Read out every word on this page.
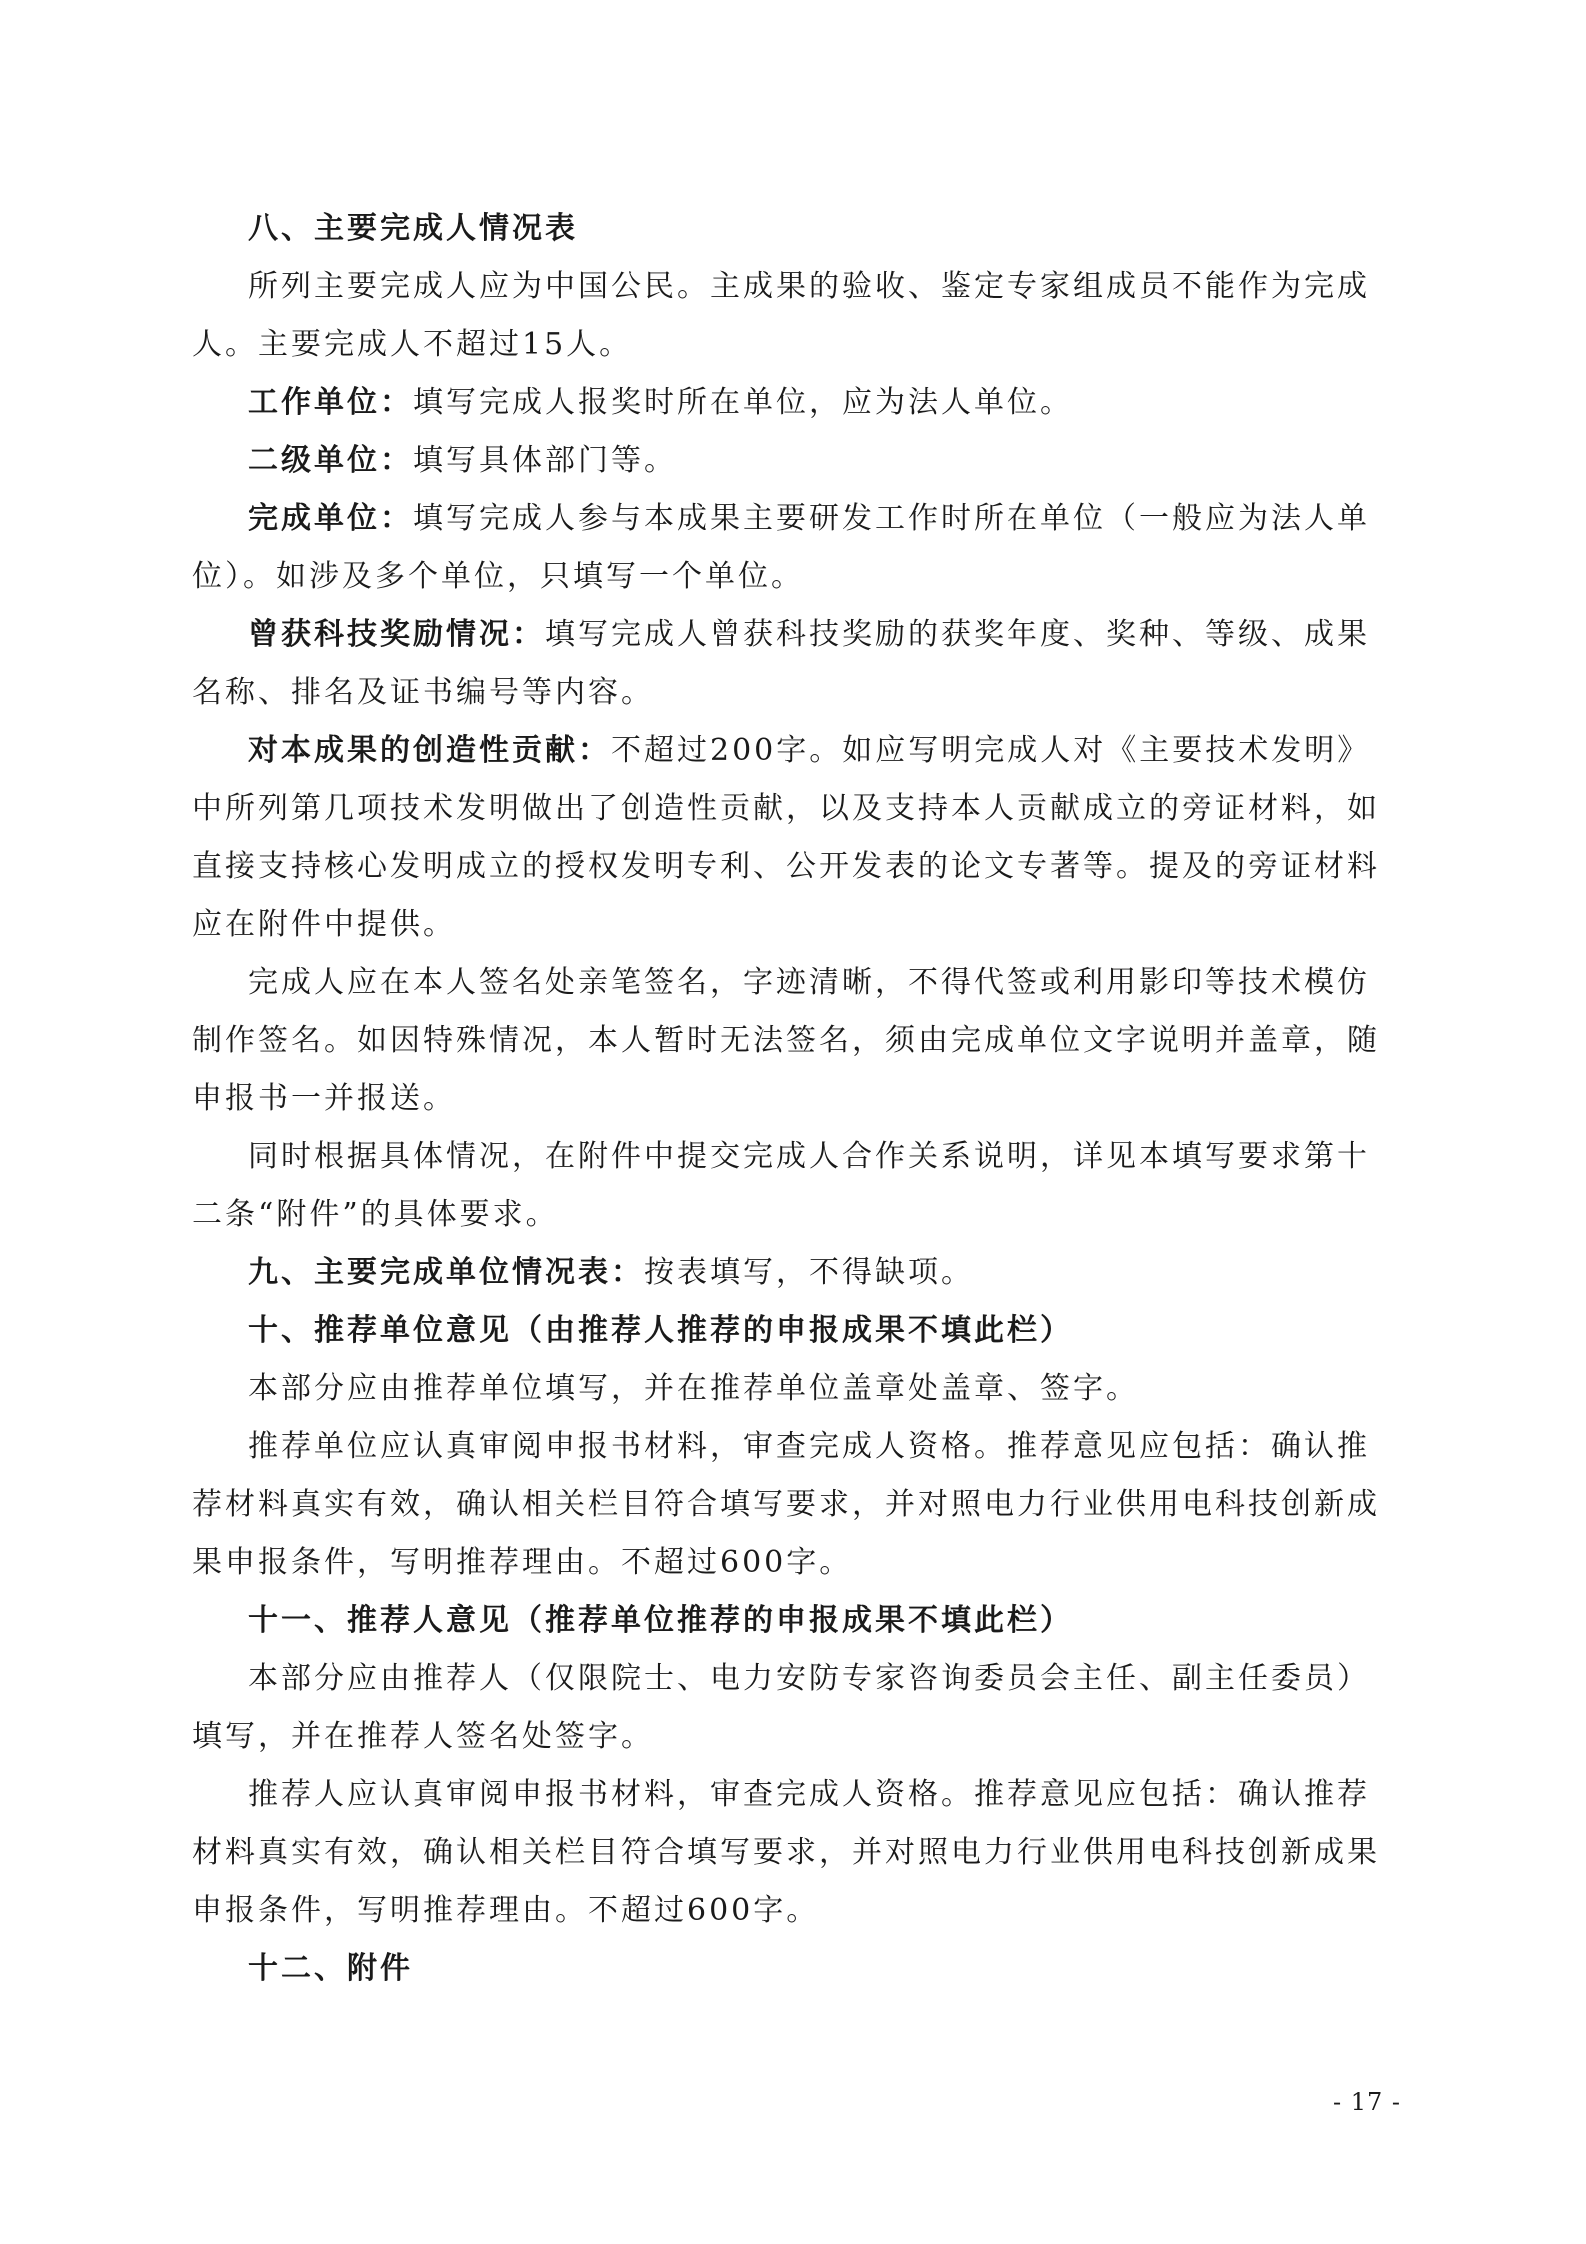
八、主要完成人情况表

所列主要完成人应为中国公民。主成果的验收、鉴定专家组成员不能作为完成人。主要完成人不超过15人。

工作单位：填写完成人报奖时所在单位，应为法人单位。

二级单位：填写具体部门等。

完成单位：填写完成人参与本成果主要研发工作时所在单位（一般应为法人单位）。如涉及多个单位，只填写一个单位。

曾获科技奖励情况：填写完成人曾获科技奖励的获奖年度、奖种、等级、成果名称、排名及证书编号等内容。

对本成果的创造性贡献：不超过200字。如应写明完成人对《主要技术发明》中所列第几项技术发明做出了创造性贡献，以及支持本人贡献成立的旁证材料，如直接支持核心发明成立的授权发明专利、公开发表的论文专著等。提及的旁证材料应在附件中提供。

完成人应在本人签名处亲笔签名，字迹清晰，不得代签或利用影印等技术模仿制作签名。如因特殊情况，本人暂时无法签名，须由完成单位文字说明并盖章，随申报书一并报送。

同时根据具体情况，在附件中提交完成人合作关系说明，详见本填写要求第十二条“附件”的具体要求。

九、主要完成单位情况表：按表填写，不得缺项。

十、推荐单位意见（由推荐人推荐的申报成果不填此栏）

本部分应由推荐单位填写，并在推荐单位盖章处盖章、签字。

推荐单位应认真审阅申报书材料，审查完成人资格。推荐意见应包括：确认推荐材料真实有效，确认相关栏目符合填写要求，并对照电力行业供用电科技创新成果申报条件，写明推荐理由。不超过600字。

十一、推荐人意见（推荐单位推荐的申报成果不填此栏）

本部分应由推荐人（仅限院士、电力安防专家咨询委员会主任、副主任委员）填写，并在推荐人签名处签字。

推荐人应认真审阅申报书材料，审查完成人资格。推荐意见应包括：确认推荐材料真实有效，确认相关栏目符合填写要求，并对照电力行业供用电科技创新成果申报条件，写明推荐理由。不超过600字。

十二、附件

- 17 -
